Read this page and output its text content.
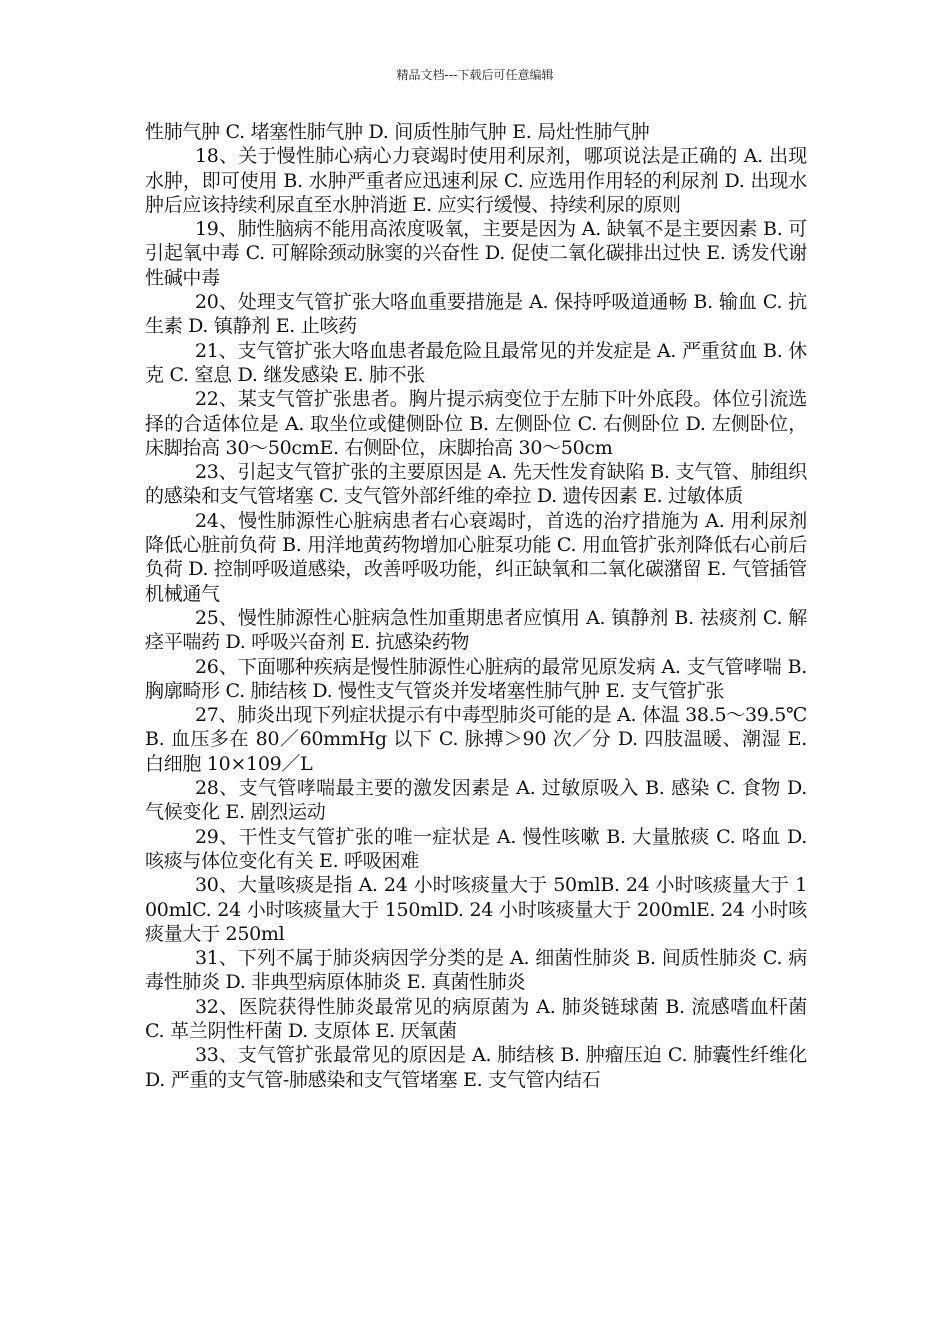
精品文档---下载后可任意编辑

性肺气肿 C. 堵塞性肺气肿 D. 间质性肺气肿 E. 局灶性肺气肿

18、关于慢性肺心病心力衰竭时使用利尿剂，哪项说法是正确的 A. 出现水肿，即可使用 B. 水肿严重者应迅速利尿 C. 应选用作用轻的利尿剂 D. 出现水肿后应该持续利尿直至水肿消逝 E. 应实行缓慢、持续利尿的原则

19、肺性脑病不能用高浓度吸氧，主要是因为 A. 缺氧不是主要因素 B. 可引起氧中毒 C. 可解除颈动脉窦的兴奋性 D. 促使二氧化碳排出过快 E. 诱发代谢性碱中毒

20、处理支气管扩张大咯血重要措施是 A. 保持呼吸道通畅 B. 输血 C. 抗生素 D. 镇静剂 E. 止咳药

21、支气管扩张大咯血患者最危险且最常见的并发症是 A. 严重贫血 B. 休克 C. 窒息 D. 继发感染 E. 肺不张

22、某支气管扩张患者。胸片提示病变位于左肺下叶外底段。体位引流选择的合适体位是 A. 取坐位或健侧卧位 B. 左侧卧位 C. 右侧卧位 D. 左侧卧位，床脚抬高 30～50cmE. 右侧卧位，床脚抬高 30～50cm

23、引起支气管扩张的主要原因是 A. 先天性发育缺陷 B. 支气管、肺组织的感染和支气管堵塞 C. 支气管外部纤维的牵拉 D. 遗传因素 E. 过敏体质

24、慢性肺源性心脏病患者右心衰竭时，首选的治疗措施为 A. 用利尿剂降低心脏前负荷 B. 用洋地黄药物增加心脏泵功能 C. 用血管扩张剂降低右心前后负荷 D. 控制呼吸道感染，改善呼吸功能，纠正缺氧和二氧化碳潴留 E. 气管插管机械通气

25、慢性肺源性心脏病急性加重期患者应慎用 A. 镇静剂 B. 祛痰剂 C. 解痉平喘药 D. 呼吸兴奋剂 E. 抗感染药物

26、下面哪种疾病是慢性肺源性心脏病的最常见原发病 A. 支气管哮喘 B. 胸廓畸形 C. 肺结核 D. 慢性支气管炎并发堵塞性肺气肿 E. 支气管扩张

27、肺炎出现下列症状提示有中毒型肺炎可能的是 A. 体温 38.5～39.5℃B. 血压多在 80／60mmHg 以下 C. 脉搏＞90 次／分 D. 四肢温暖、潮湿 E. 白细胞 10×109／L

28、支气管哮喘最主要的激发因素是 A. 过敏原吸入 B. 感染 C. 食物 D. 气候变化 E. 剧烈运动

29、干性支气管扩张的唯一症状是 A. 慢性咳嗽 B. 大量脓痰 C. 咯血 D. 咳痰与体位变化有关 E. 呼吸困难

30、大量咳痰是指 A. 24 小时咳痰量大于 50mlB. 24 小时咳痰量大于 100mlC. 24 小时咳痰量大于 150mlD. 24 小时咳痰量大于 200mlE. 24 小时咳痰量大于 250ml

31、下列不属于肺炎病因学分类的是 A. 细菌性肺炎 B. 间质性肺炎 C. 病毒性肺炎 D. 非典型病原体肺炎 E. 真菌性肺炎

32、医院获得性肺炎最常见的病原菌为 A. 肺炎链球菌 B. 流感嗜血杆菌 C. 革兰阴性杆菌 D. 支原体 E. 厌氧菌

33、支气管扩张最常见的原因是 A. 肺结核 B. 肿瘤压迫 C. 肺囊性纤维化 D. 严重的支气管-肺感染和支气管堵塞 E. 支气管内结石
